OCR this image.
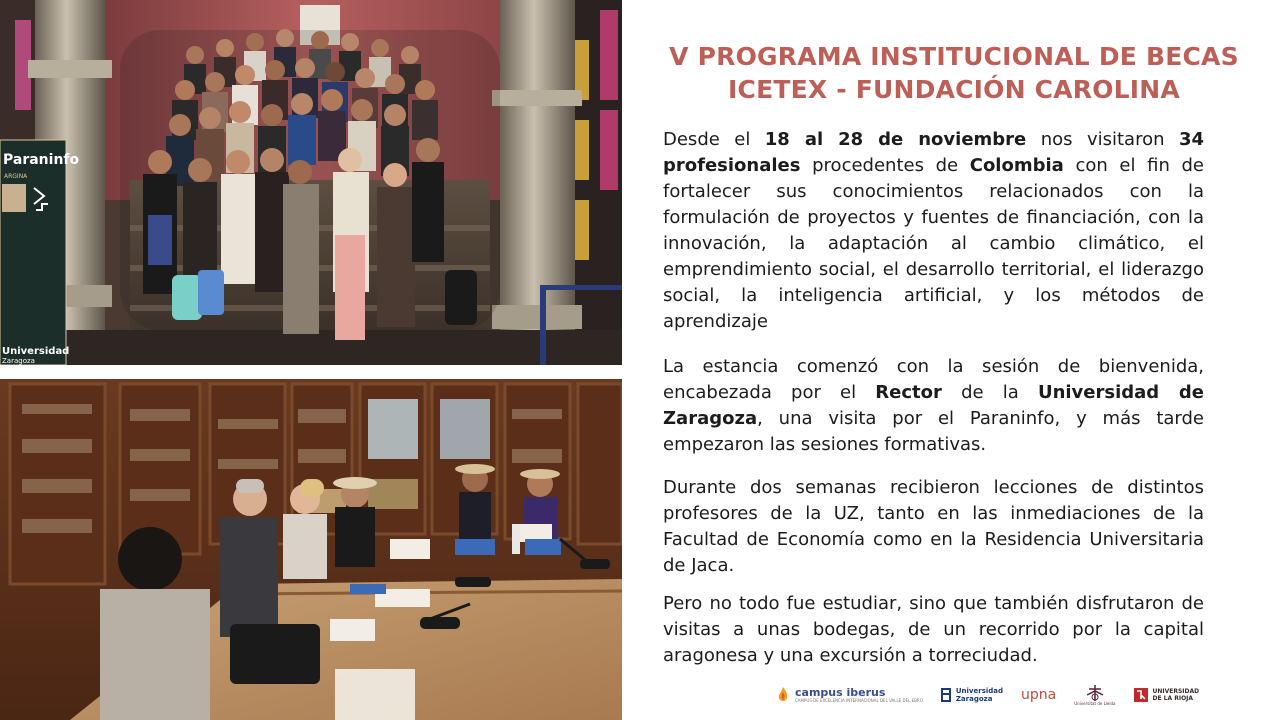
Paraninfo
ARGINA
Universidad
Zaragoza
V PROGRAMA INSTITUCIONAL DE BECAS
ICETEX - FUNDACIÓN CAROLINA

Desde el 18 al 28 de noviembre nos visitaron 34 profesionales procedentes de Colombia con el fin de fortalecer sus conocimientos relacionados con la formulación de proyectos y fuentes de financiación, con la innovación, la adaptación al cambio climático, el emprendimiento social, el desarrollo territorial, el liderazgo social, la inteligencia artificial, y los métodos de aprendizaje

La estancia comenzó con la sesión de bienvenida, encabezada por el Rector de la Universidad de Zaragoza, una visita por el Paraninfo, y más tarde empezaron las sesiones formativas.

Durante dos semanas recibieron lecciones de distintos profesores de la UZ, tanto en las inmediaciones de la Facultad de Economía como en la Residencia Universitaria de Jaca.

Pero no todo fue estudiar, sino que también disfrutaron de visitas a unas bodegas, de un recorrido por la capital aragonesa y una excursión a torreciudad.

campus iberus
CAMPUS DE EXCELENCIA INTERNACIONAL DEL VALLE DEL EBRO
Universidad
Zaragoza	upna	Universitat de Lleida
UNIVERSIDAD
DE LA RIOJA
